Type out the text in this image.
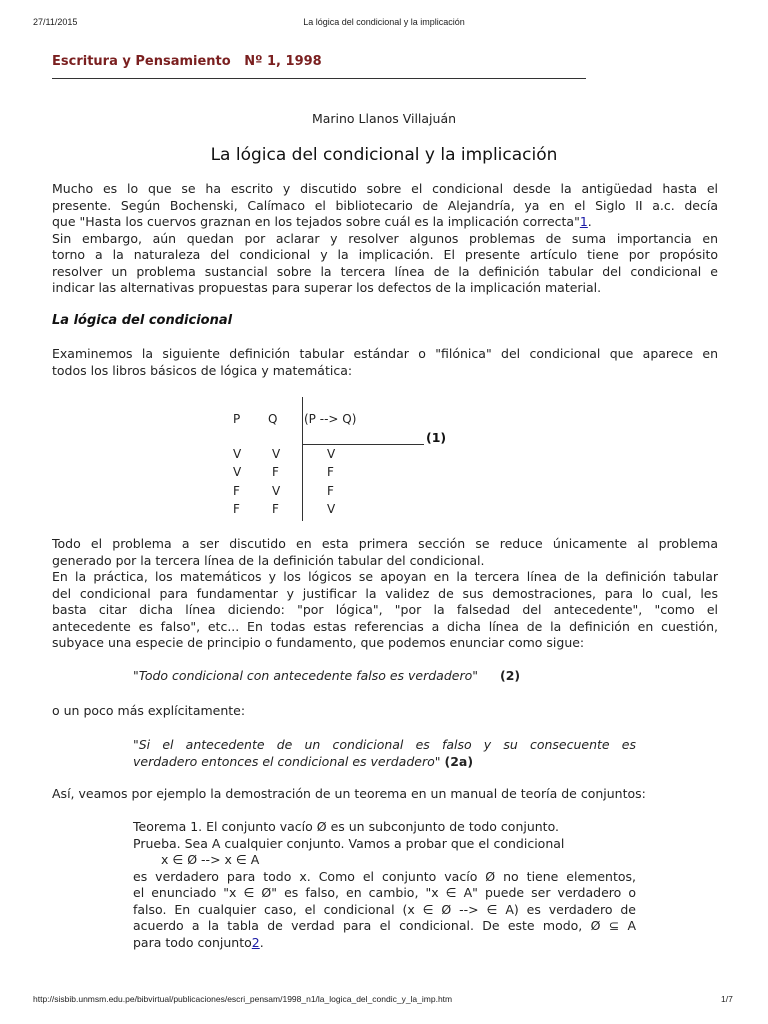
27/11/2015	La lógica del condicional y la implicación
Escritura y Pensamiento   Nº 1, 1998
Marino Llanos Villajuán
La lógica del condicional y la implicación
Mucho es lo que se ha escrito y discutido sobre el condicional desde la antigüedad hasta el
presente. Según Bochenski, Calímaco el bibliotecario de Alejandría, ya en el Siglo II a.c. decía
que "Hasta los cuervos graznan en los tejados sobre cuál es la implicación correcta"1.
Sin embargo, aún quedan por aclarar y resolver algunos problemas de suma importancia en
torno a la naturaleza del condicional y la implicación. El presente artículo tiene por propósito
resolver un problema sustancial sobre la tercera línea de la definición tabular del condicional e
indicar las alternativas propuestas para superar los defectos de la implicación material.
La lógica del condicional
Examinemos la siguiente definición tabular estándar o "filónica" del condicional que aparece en
todos los libros básicos de lógica y matemática:
P Q (P --> Q)
(1)
V	V	V
V	F	F
F	V	F
F	F	V
Todo el problema a ser discutido en esta primera sección se reduce únicamente al problema
generado por la tercera línea de la definición tabular del condicional.
En la práctica, los matemáticos y los lógicos se apoyan en la tercera línea de la definición tabular
del condicional para fundamentar y justificar la validez de sus demostraciones, para lo cual, les
basta citar dicha línea diciendo: "por lógica", "por la falsedad del antecedente", "como el
antecedente es falso", etc... En todas estas referencias a dicha línea de la definición en cuestión,
subyace una especie de principio o fundamento, que podemos enunciar como sigue:
"Todo condicional con antecedente falso es verdadero" (2)
o un poco más explícitamente:
"Si el antecedente de un condicional es falso y su consecuente es
verdadero entonces el condicional es verdadero" (2a)
Así, veamos por ejemplo la demostración de un teorema en un manual de teoría de conjuntos:
Teorema 1. El conjunto vacío Ø es un subconjunto de todo conjunto.
Prueba. Sea A cualquier conjunto. Vamos a probar que el condicional
x ∈ Ø --> x ∈ A
es verdadero para todo x. Como el conjunto vacío Ø no tiene elementos,
el enunciado "x ∈ Ø" es falso, en cambio, "x ∈ A" puede ser verdadero o
falso. En cualquier caso, el condicional (x ∈ Ø --> ∈ A) es verdadero de
acuerdo a la tabla de verdad para el condicional. De este modo, Ø ⊆ A
para todo conjunto2.
http://sisbib.unmsm.edu.pe/bibvirtual/publicaciones/escri_pensam/1998_n1/la_logica_del_condic_y_la_imp.htm	1/7
